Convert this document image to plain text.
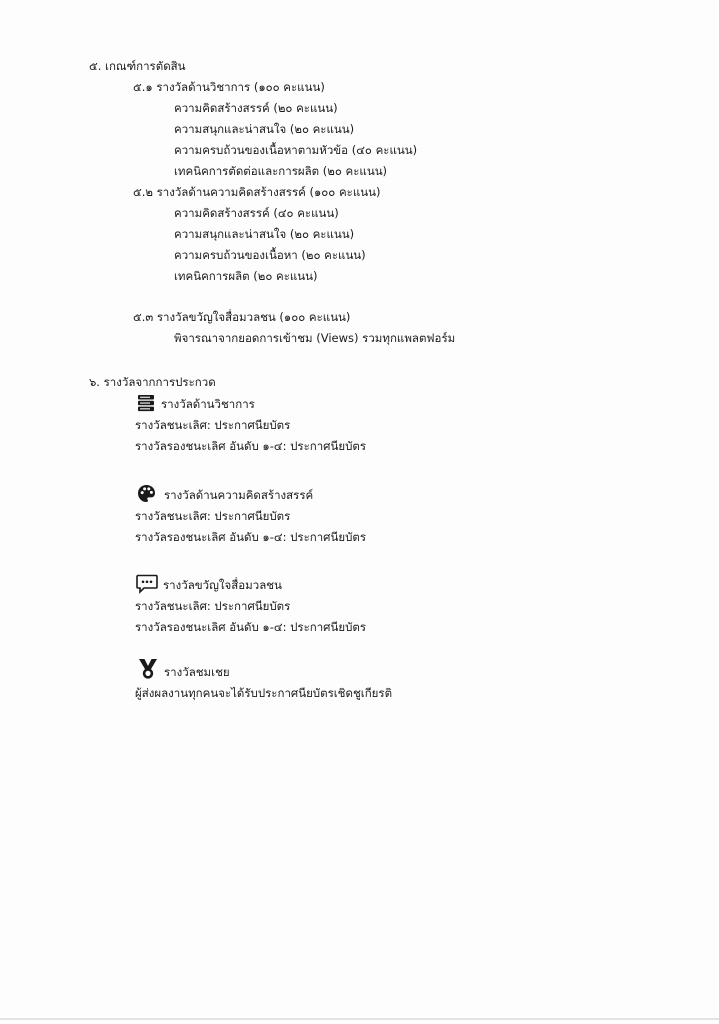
๕. เกณฑ์การตัดสิน
๕.๑ รางวัลด้านวิชาการ (๑๐๐ คะแนน)
ความคิดสร้างสรรค์ (๒๐ คะแนน)
ความสนุกและน่าสนใจ (๒๐ คะแนน)
ความครบถ้วนของเนื้อหาตามหัวข้อ (๔๐ คะแนน)
เทคนิคการตัดต่อและการผลิต (๒๐ คะแนน)
๕.๒ รางวัลด้านความคิดสร้างสรรค์ (๑๐๐ คะแนน)
ความคิดสร้างสรรค์ (๔๐ คะแนน)
ความสนุกและน่าสนใจ (๒๐ คะแนน)
ความครบถ้วนของเนื้อหา (๒๐ คะแนน)
เทคนิคการผลิต (๒๐ คะแนน)
๕.๓ รางวัลขวัญใจสื่อมวลชน (๑๐๐ คะแนน)
พิจารณาจากยอดการเข้าชม (Views) รวมทุกแพลตฟอร์ม
๖. รางวัลจากการประกวด
รางวัลด้านวิชาการ
รางวัลชนะเลิศ: ประกาศนียบัตร
รางวัลรองชนะเลิศ อันดับ ๑-๔: ประกาศนียบัตร
รางวัลด้านความคิดสร้างสรรค์
รางวัลชนะเลิศ: ประกาศนียบัตร
รางวัลรองชนะเลิศ อันดับ ๑-๔: ประกาศนียบัตร
รางวัลขวัญใจสื่อมวลชน
รางวัลชนะเลิศ: ประกาศนียบัตร
รางวัลรองชนะเลิศ อันดับ ๑-๔: ประกาศนียบัตร
รางวัลชมเชย
ผู้ส่งผลงานทุกคนจะได้รับประกาศนียบัตรเชิดชูเกียรติ
